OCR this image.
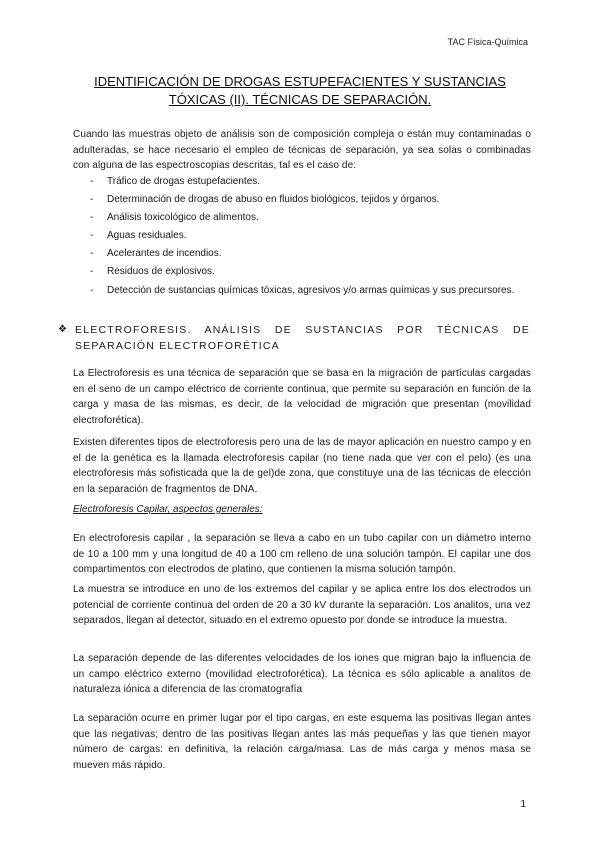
TAC Física-Química
IDENTIFICACIÓN DE DROGAS ESTUPEFACIENTES Y SUSTANCIAS TÓXICAS (II). TÉCNICAS DE SEPARACIÓN.

Cuando las muestras objeto de análisis son de composición compleja o están muy contaminadas o adulteradas, se hace necesario el empleo de técnicas de separación, ya sea solas o combinadas con alguna de las espectroscopias descritas, tal es el caso de:

- Tráfico de drogas estupefacientes.
- Determinación de drogas de abuso en fluidos biológicos, tejidos y órganos.
- Análisis toxicológico de alimentos.
- Aguas residuales.
- Acelerantes de incendios.
- Residuos de explosivos.
- Detección de sustancias químicas tóxicas, agresivos y/o armas químicas y sus precursores.
❖ ELECTROFORESIS. ANÁLISIS DE SUSTANCIAS POR TÉCNICAS DE SEPARACIÓN ELECTROFORÉTICA

La Electroforesis es una técnica de separación que se basa en la migración de partículas cargadas en el seno de un campo eléctrico de corriente continua, que permite su separación en función de la carga y masa de las mismas, es decir, de la velocidad de migración que presentan (movilidad electroforética).

Existen diferentes tipos de electroforesis pero una de las de mayor aplicación en nuestro campo y en el de la genética es la llamada electroforesis capilar (no tiene nada que ver con el pelo) (es una electroforesis más sofisticada que la de gel)de zona, que constituye una de las técnicas de elección en la separación de fragmentos de DNA.

Electroforesis Capilar, aspectos generales:

En electroforesis capilar , la separación se lleva a cabo en un tubo capilar con un diámetro interno de 10 a 100 mm y una longitud de 40 a 100 cm relleno de una solución tampón. El capilar une dos compartimentos con electrodos de platino, que contienen la misma solución tampón.

La muestra se introduce en uno de los extremos del capilar y se aplica entre los dos electrodos un potencial de corriente continua del orden de 20 a 30 kV durante la separación. Los analitos, una vez separados, llegan al detector, situado en el extremo opuesto por donde se introduce la muestra.

La separación depende de las diferentes velocidades de los iones que migran bajo la influencia de un campo eléctrico externo (movilidad electroforética). La técnica es sólo aplicable a analitos de naturaleza iónica a diferencia de las cromatografía

La separación ocurre en primer lugar por el tipo cargas, en este esquema las positivas llegan antes que las negativas; dentro de las positivas llegan antes las más pequeñas y las que tienen mayor número de cargas: en definitiva, la relación carga/masa. Las de más carga y menos masa se mueven más rápido.

1
